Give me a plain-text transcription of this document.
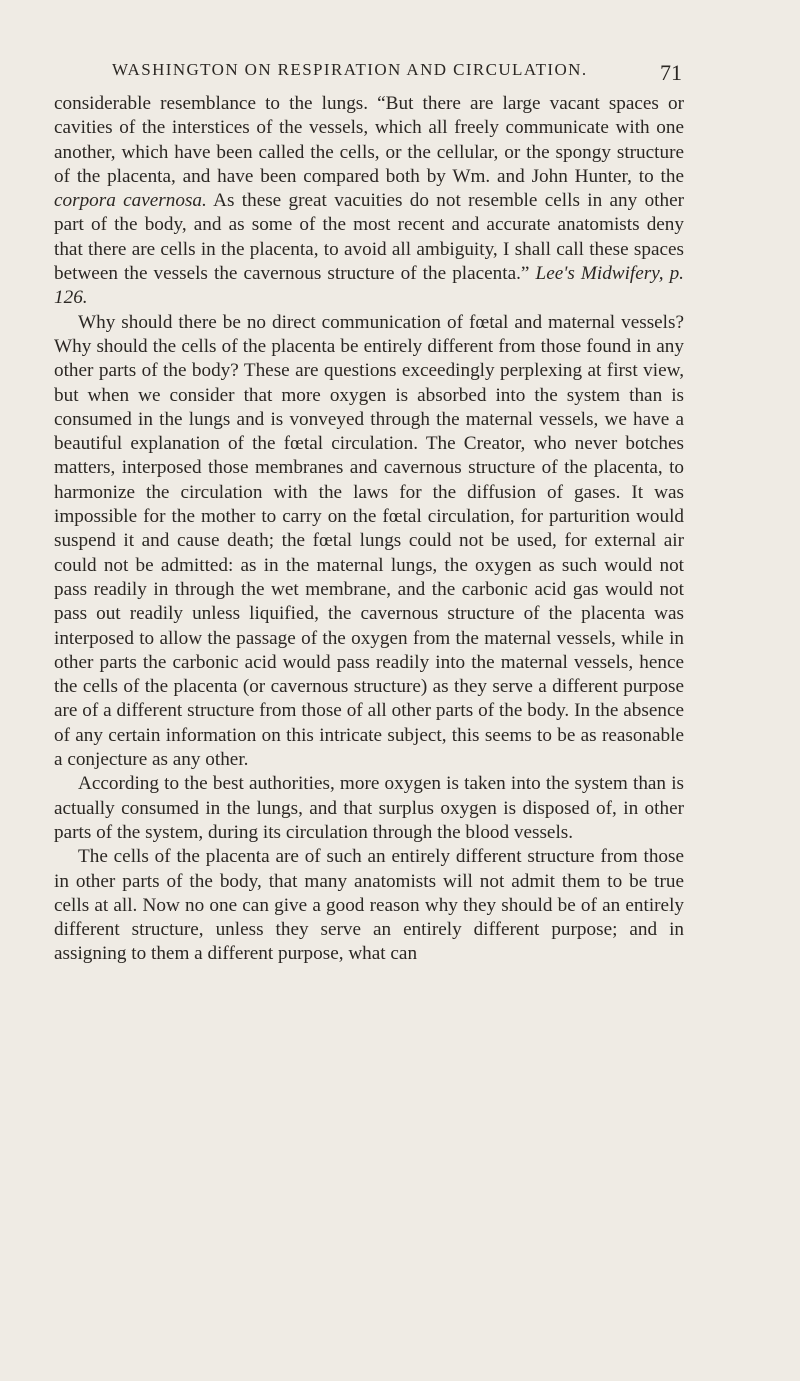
WASHINGTON ON RESPIRATION AND CIRCULATION.	71

considerable resemblance to the lungs. “But there are large vacant spaces or cavities of the interstices of the vessels, which all freely communicate with one another, which have been called the cells, or the cellular, or the spongy structure of the placenta, and have been compared both by Wm. and John Hunter, to the corpora cavernosa. As these great vacuities do not resemble cells in any other part of the body, and as some of the most recent and accurate anatomists deny that there are cells in the placenta, to avoid all ambiguity, I shall call these spaces between the vessels the cavernous structure of the placenta.” Lee's Midwifery, p. 126.

Why should there be no direct communication of fœtal and maternal vessels? Why should the cells of the placenta be entirely different from those found in any other parts of the body? These are questions exceedingly perplexing at first view, but when we consider that more oxygen is absorbed into the system than is consumed in the lungs and is vonveyed through the maternal vessels, we have a beautiful explanation of the fœtal circulation. The Creator, who never botches matters, interposed those membranes and cavernous structure of the placenta, to harmonize the circulation with the laws for the diffusion of gases. It was impossible for the mother to carry on the fœtal circulation, for parturition would suspend it and cause death; the fœtal lungs could not be used, for external air could not be admitted: as in the maternal lungs, the oxygen as such would not pass readily in through the wet membrane, and the carbonic acid gas would not pass out readily unless liquified, the cavernous structure of the placenta was interposed to allow the passage of the oxygen from the maternal vessels, while in other parts the carbonic acid would pass readily into the maternal vessels, hence the cells of the placenta (or cavernous structure) as they serve a different purpose are of a different structure from those of all other parts of the body. In the absence of any certain information on this intricate subject, this seems to be as reasonable a conjecture as any other.

According to the best authorities, more oxygen is taken into the system than is actually consumed in the lungs, and that surplus oxygen is disposed of, in other parts of the system, during its circulation through the blood vessels.

The cells of the placenta are of such an entirely different structure from those in other parts of the body, that many anatomists will not admit them to be true cells at all. Now no one can give a good reason why they should be of an entirely different structure, unless they serve an entirely different purpose; and in assigning to them a different purpose, what can
